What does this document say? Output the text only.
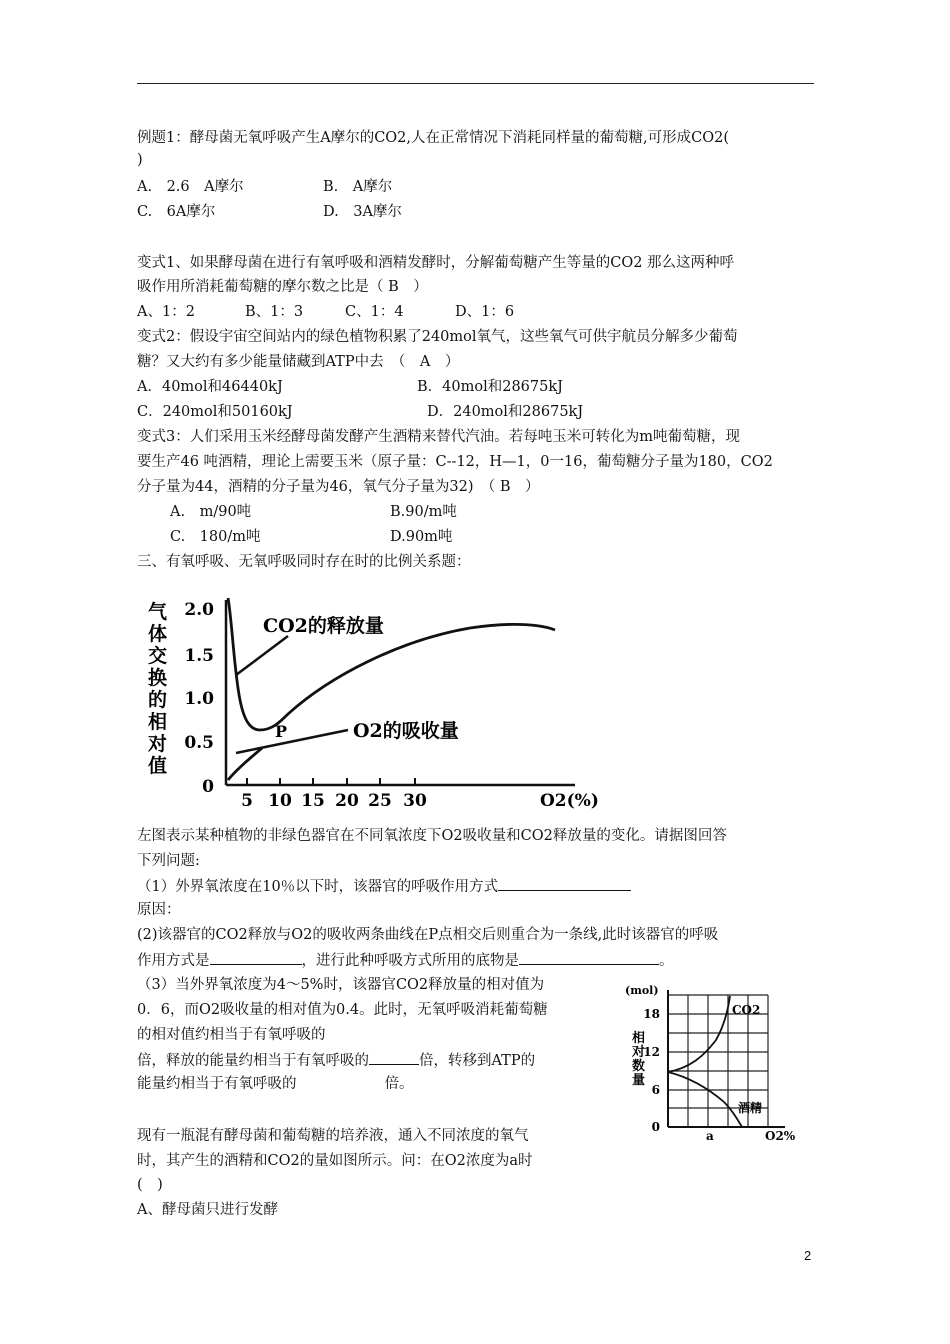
例题1：酵母菌无氧呼吸产生A摩尔的CO2,人在正常情况下消耗同样量的葡萄糖,可形成CO2(
)
A.　2.6　A摩尔	B.　A摩尔
C.　6A摩尔	D.　3A摩尔
变式1、如果酵母菌在进行有氧呼吸和酒精发酵时，分解葡萄糖产生等量的CO2 那么这两种呼
吸作用所消耗葡萄糖的摩尔数之比是（ B　）
A、1：2	B、1：3	C、1：4	D、1：6
变式2：假设宇宙空间站内的绿色植物积累了240mol氧气，这些氧气可供宇航员分解多少葡萄
糖？又大约有多少能量储藏到ATP中去　（　A　）
A．40mol和46440kJ	B．40mol和28675kJ
C．240mol和50160kJ	D．240mol和28675kJ
变式3：人们采用玉米经酵母菌发酵产生酒精来替代汽油。若每吨玉米可转化为m吨葡萄糖，现
要生产46 吨酒精，理论上需要玉米（原子量：C--12，H—1，0一16，葡萄糖分子量为180，CO2
分子量为44，酒精的分子量为46，氧气分子量为32)　（ B　）
A.　m/90吨	B.90/m吨
C.　180/m吨	D.90m吨
三、有氧呼吸、无氧呼吸同时存在时的比例关系题：
气
体
交
换
的
相
对
值
2.0
1.5
1.0
0.5
0
5 10 15 20 25 30	O2(%)
CO2的释放量
O2的吸收量
P
左图表示某种植物的非绿色器官在不同氧浓度下O2吸收量和CO2释放量的变化。请据图回答
下列问题:
（1）外界氧浓度在10％以下时，该器官的呼吸作用方式
原因：
(2)该器官的CO2释放与O2的吸收两条曲线在P点相交后则重合为一条线,此时该器官的呼吸
作用方式是	，进行此种呼吸方式所用的底物是	。
（3）当外界氧浓度为4～5%时，该器官CO2释放量的相对值为
0．6，而O2吸收量的相对值为0.4。此时，无氧呼吸消耗葡萄糖
的相对值约相当于有氧呼吸的
倍，释放的能量约相当于有氧呼吸的	倍，转移到ATP的
能量约相当于有氧呼吸的	倍。
现有一瓶混有酵母菌和葡萄糖的培养液，通入不同浓度的氧气
时，其产生的酒精和CO2的量如图所示。问：在O2浓度为a时
(　)
A、酵母菌只进行发酵
(mol)
相
对
数
量
18
12
6
0
CO2
酒精
a	O2%
2
